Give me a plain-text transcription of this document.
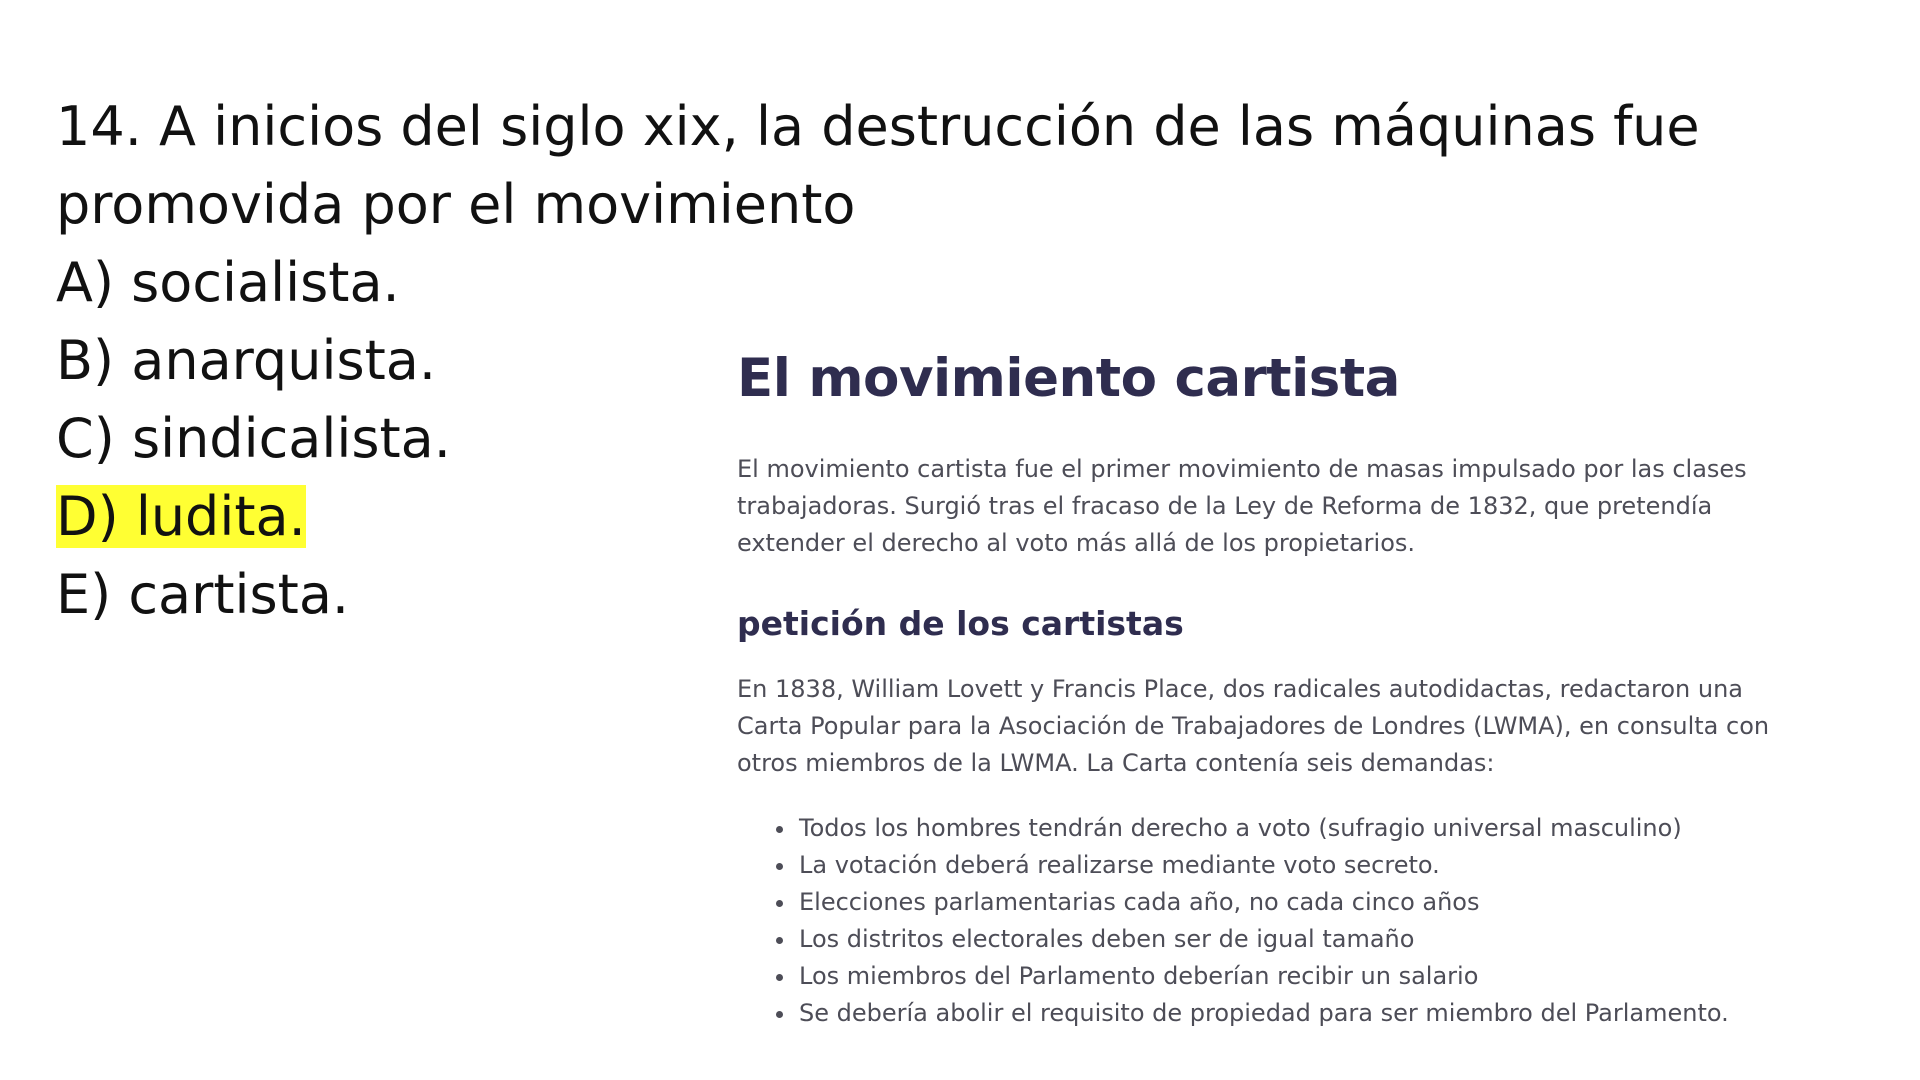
14. A inicios del siglo xix, la destrucción de las máquinas fue promovida por el movimiento

A) socialista.
B) anarquista.
C) sindicalista.
D) ludita.
E) cartista.
El movimiento cartista

El movimiento cartista fue el primer movimiento de masas impulsado por las clases trabajadoras. Surgió tras el fracaso de la Ley de Reforma de 1832, que pretendía extender el derecho al voto más allá de los propietarios.

petición de los cartistas

En 1838, William Lovett y Francis Place, dos radicales autodidactas, redactaron una Carta Popular para la Asociación de Trabajadores de Londres (LWMA), en consulta con otros miembros de la LWMA. La Carta contenía seis demandas:

• Todos los hombres tendrán derecho a voto (sufragio universal masculino)
• La votación deberá realizarse mediante voto secreto.
• Elecciones parlamentarias cada año, no cada cinco años
• Los distritos electorales deben ser de igual tamaño
• Los miembros del Parlamento deberían recibir un salario
• Se debería abolir el requisito de propiedad para ser miembro del Parlamento.
